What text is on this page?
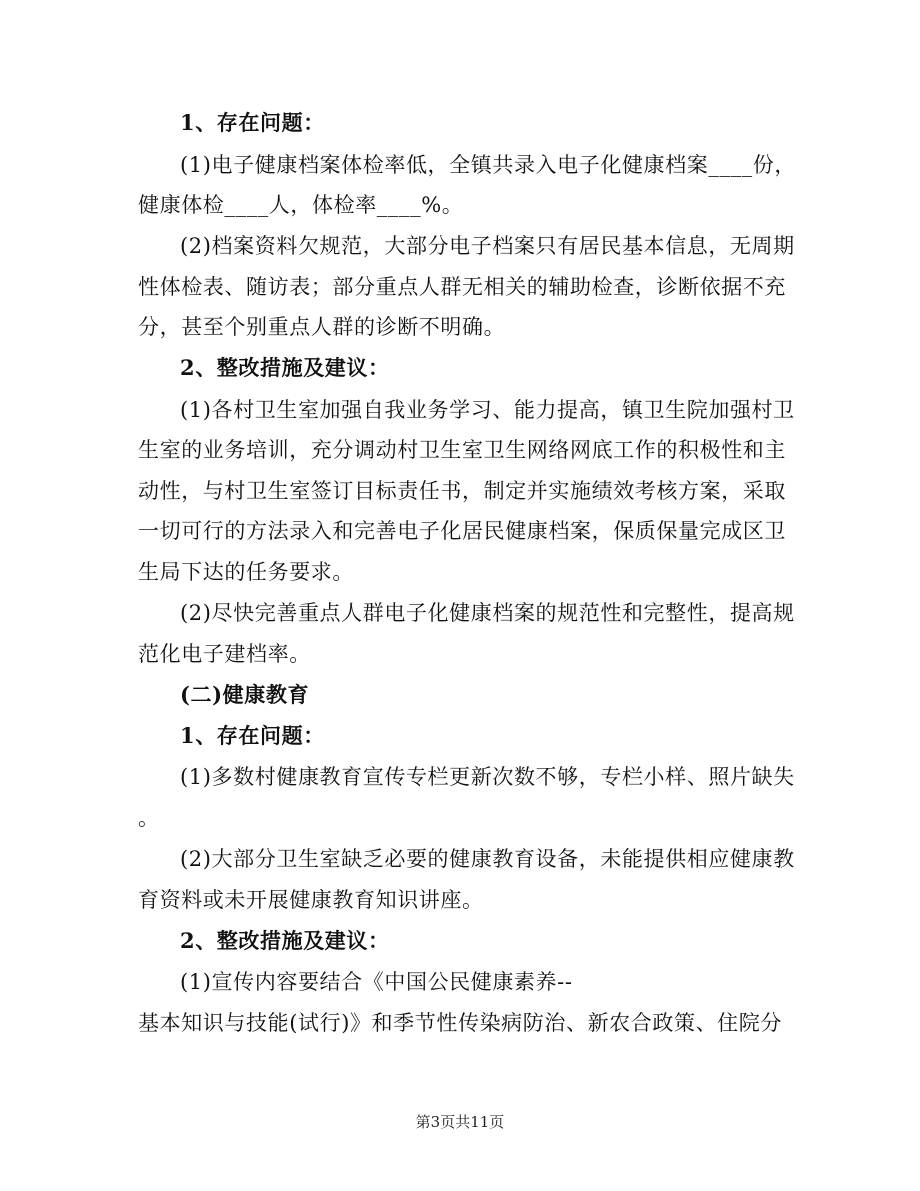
1、存在问题：
(1)电子健康档案体检率低，全镇共录入电子化健康档案____份，
健康体检____人，体检率____%。
(2)档案资料欠规范，大部分电子档案只有居民基本信息，无周期
性体检表、随访表；部分重点人群无相关的辅助检查，诊断依据不充
分，甚至个别重点人群的诊断不明确。
2、整改措施及建议：
(1)各村卫生室加强自我业务学习、能力提高，镇卫生院加强村卫
生室的业务培训，充分调动村卫生室卫生网络网底工作的积极性和主
动性，与村卫生室签订目标责任书，制定并实施绩效考核方案，采取
一切可行的方法录入和完善电子化居民健康档案，保质保量完成区卫
生局下达的任务要求。
(2)尽快完善重点人群电子化健康档案的规范性和完整性，提高规
范化电子建档率。
(二)健康教育
1、存在问题：
(1)多数村健康教育宣传专栏更新次数不够，专栏小样、照片缺失
。
(2)大部分卫生室缺乏必要的健康教育设备，未能提供相应健康教
育资料或未开展健康教育知识讲座。
2、整改措施及建议：
(1)宣传内容要结合《中国公民健康素养--
基本知识与技能(试行)》和季节性传染病防治、新农合政策、住院分
第3页共11页
